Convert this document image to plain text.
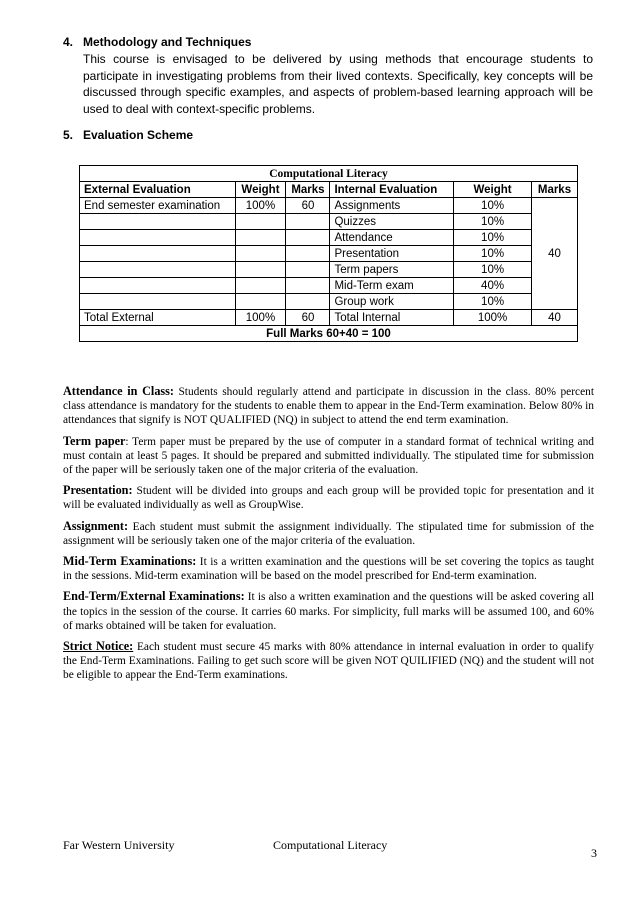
4. Methodology and Techniques
This course is envisaged to be delivered by using methods that encourage students to participate in investigating problems from their lived contexts. Specifically, key concepts will be discussed through specific examples, and aspects of problem-based learning approach will be used to deal with context-specific problems.
5. Evaluation Scheme
Computational Literacy					
External Evaluation	Weight	Marks	Internal Evaluation	Weight	Marks
End semester examination	100%	60	Assignments	10%	40
			Quizzes	10%	
			Attendance	10%	
			Presentation	10%	
			Term papers	10%	
			Mid-Term exam	40%	
			Group work	10%	
Total External	100%	60	Total Internal	100%	40
Full Marks 60+40 = 100					

Attendance in Class: Students should regularly attend and participate in discussion in the class. 80% percent class attendance is mandatory for the students to enable them to appear in the End-Term examination. Below 80% in attendances that signify is NOT QUALIFIED (NQ) in subject to attend the end term examination.

Term paper: Term paper must be prepared by the use of computer in a standard format of technical writing and must contain at least 5 pages. It should be prepared and submitted individually. The stipulated time for submission of the paper will be seriously taken one of the major criteria of the evaluation.

Presentation: Student will be divided into groups and each group will be provided topic for presentation and it will be evaluated individually as well as GroupWise.

Assignment: Each student must submit the assignment individually. The stipulated time for submission of the assignment will be seriously taken one of the major criteria of the evaluation.

Mid-Term Examinations: It is a written examination and the questions will be set covering the topics as taught in the sessions. Mid-term examination will be based on the model prescribed for End-term examination.

End-Term/External Examinations: It is also a written examination and the questions will be asked covering all the topics in the session of the course. It carries 60 marks. For simplicity, full marks will be assumed 100, and 60% of marks obtained will be taken for evaluation.

Strict Notice: Each student must secure 45 marks with 80% attendance in internal evaluation in order to qualify the End-Term Examinations. Failing to get such score will be given NOT QUILIFIED (NQ) and the student will not be eligible to appear the End-Term examinations.

Far Western University	Computational Literacy
3
